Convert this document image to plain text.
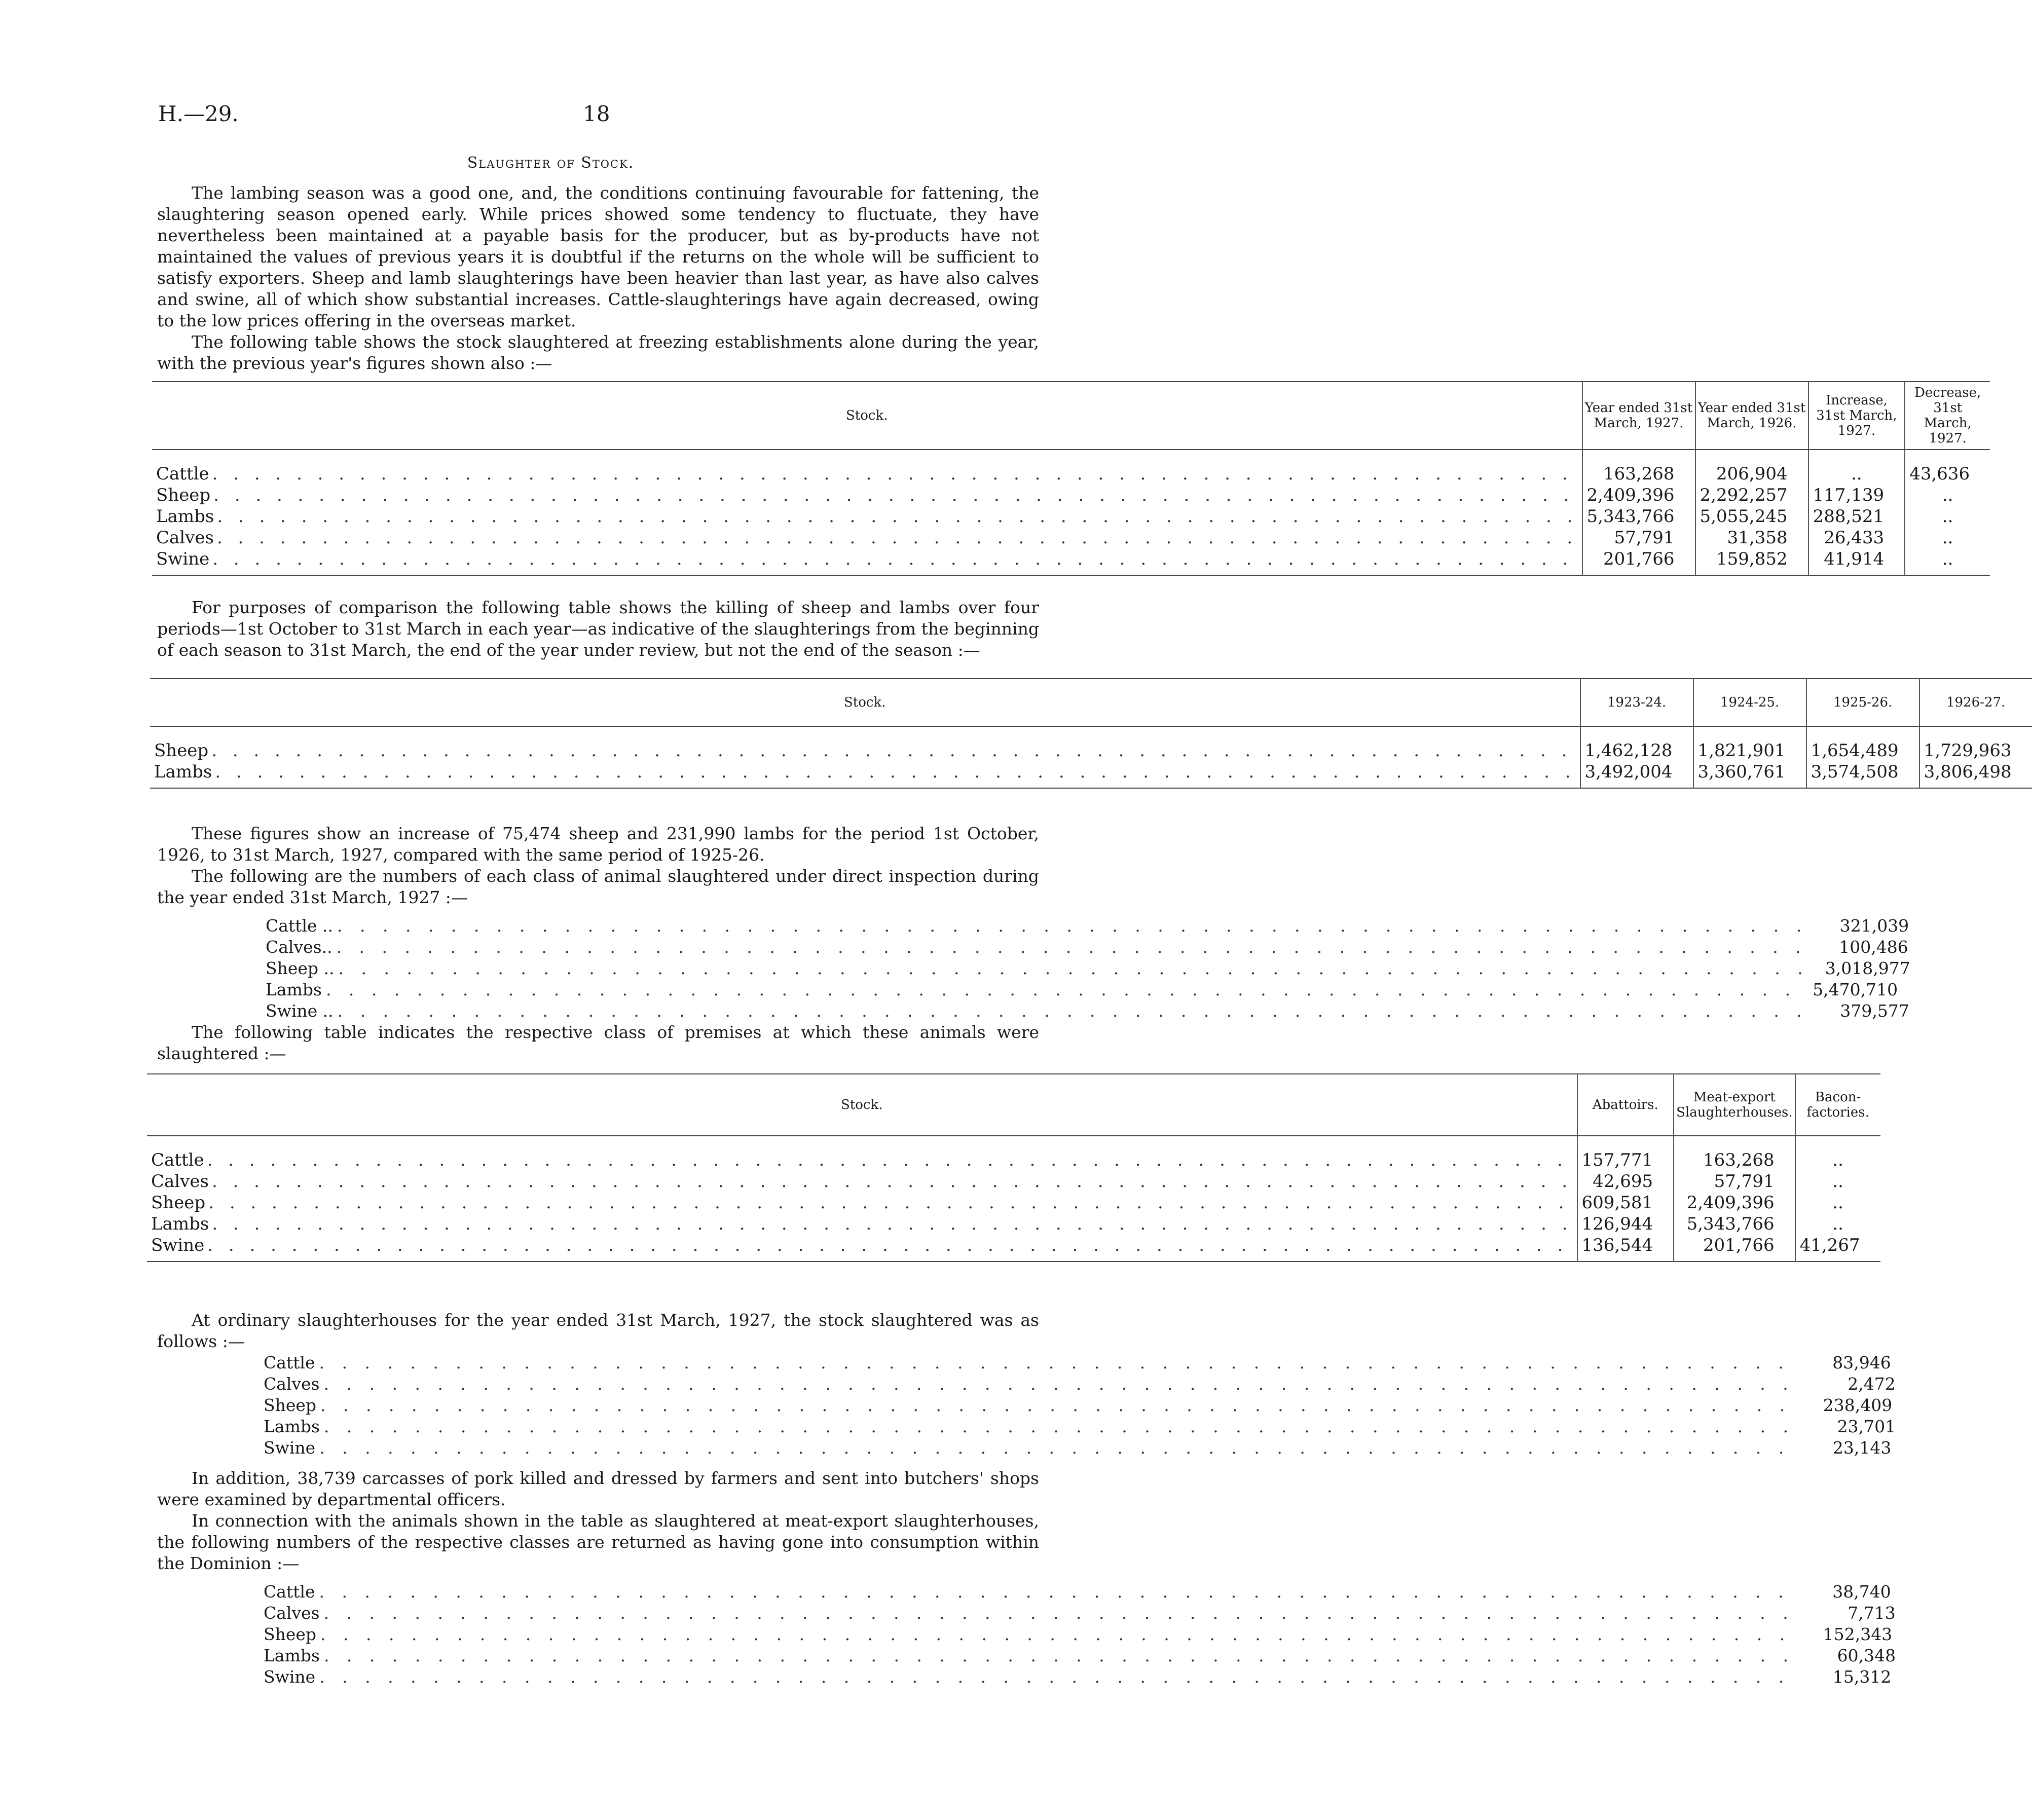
H.—29.	18
Slaughter of Stock.

The lambing season was a good one, and, the conditions continuing favourable for fattening, the slaughtering season opened early. While prices showed some tendency to fluctuate, they have nevertheless been maintained at a payable basis for the producer, but as by-products have not maintained the values of previous years it is doubtful if the returns on the whole will be sufficient to satisfy exporters. Sheep and lamb slaughterings have been heavier than last year, as have also calves and swine, all of which show substantial increases. Cattle-slaughterings have again decreased, owing to the low prices offering in the overseas market.

The following table shows the stock slaughtered at freezing establishments alone during the year, with the previous year's figures shown also :—

Stock.	Year ended 31st March, 1927.	Year ended 31st March, 1926.	Increase, 31st March, 1927.	Decrease, 31st March, 1927.

Cattle . . . . . . . . . . . . . . . . . . . . . . . . . . . . . . . . . . . . . . . . . . . . . . . . . . . . . . . . . . . . . . . . .	163,268	206,904	..	43,636

Sheep . . . . . . . . . . . . . . . . . . . . . . . . . . . . . . . . . . . . . . . . . . . . . . . . . . . . . . . . . . . . . . . . .	2,409,396	2,292,257	117,139	..

Lambs . . . . . . . . . . . . . . . . . . . . . . . . . . . . . . . . . . . . . . . . . . . . . . . . . . . . . . . . . . . . . . . . .	5,343,766	5,055,245	288,521	..

Calves . . . . . . . . . . . . . . . . . . . . . . . . . . . . . . . . . . . . . . . . . . . . . . . . . . . . . . . . . . . . . . . . .	57,791	31,358	26,433	..

Swine . . . . . . . . . . . . . . . . . . . . . . . . . . . . . . . . . . . . . . . . . . . . . . . . . . . . . . . . . . . . . . . . .	201,766	159,852	41,914	..

For purposes of comparison the following table shows the killing of sheep and lambs over four periods—1st October to 31st March in each year—as indicative of the slaughterings from the beginning of each season to 31st March, the end of the year under review, but not the end of the season :—

Stock.	1923-24.	1924-25.	1925-26.	1926-27.

Sheep . . . . . . . . . . . . . . . . . . . . . . . . . . . . . . . . . . . . . . . . . . . . . . . . . . . . . . . . . . . . . . . . .	1,462,128	1,821,901	1,654,489	1,729,963

Lambs . . . . . . . . . . . . . . . . . . . . . . . . . . . . . . . . . . . . . . . . . . . . . . . . . . . . . . . . . . . . . . . . .	3,492,004	3,360,761	3,574,508	3,806,498

These figures show an increase of 75,474 sheep and 231,990 lambs for the period 1st October, 1926, to 31st March, 1927, compared with the same period of 1925-26.

The following are the numbers of each class of animal slaughtered under direct inspection during the year ended 31st March, 1927 :—

Cattle .. . . . . . . . . . . . . . . . . . . . . . . . . . . . . . . . . . . . . . . . . . . . . . . . . . . . . . . . . . . . . . . . . .	321,039
Calves.. . . . . . . . . . . . . . . . . . . . . . . . . . . . . . . . . . . . . . . . . . . . . . . . . . . . . . . . . . . . . . . . . .	100,486
Sheep .. . . . . . . . . . . . . . . . . . . . . . . . . . . . . . . . . . . . . . . . . . . . . . . . . . . . . . . . . . . . . . . . . . 3,018,977
Lambs . . . . . . . . . . . . . . . . . . . . . . . . . . . . . . . . . . . . . . . . . . . . . . . . . . . . . . . . . . . . . . . . . 5,470,710
Swine .. . . . . . . . . . . . . . . . . . . . . . . . . . . . . . . . . . . . . . . . . . . . . . . . . . . . . . . . . . . . . . . . . .	379,577

The following table indicates the respective class of premises at which these animals were slaughtered :—

Stock.	Abattoirs.	Meat-export Slaughterhouses.	Bacon-factories.

Cattle . . . . . . . . . . . . . . . . . . . . . . . . . . . . . . . . . . . . . . . . . . . . . . . . . . . . . . . . . . . . . . . . .	157,771	163,268	..

Calves . . . . . . . . . . . . . . . . . . . . . . . . . . . . . . . . . . . . . . . . . . . . . . . . . . . . . . . . . . . . . . . . .	42,695	57,791	..

Sheep . . . . . . . . . . . . . . . . . . . . . . . . . . . . . . . . . . . . . . . . . . . . . . . . . . . . . . . . . . . . . . . . .	609,581	2,409,396	..

Lambs . . . . . . . . . . . . . . . . . . . . . . . . . . . . . . . . . . . . . . . . . . . . . . . . . . . . . . . . . . . . . . . . .	126,944	5,343,766	..

Swine . . . . . . . . . . . . . . . . . . . . . . . . . . . . . . . . . . . . . . . . . . . . . . . . . . . . . . . . . . . . . . . . .	136,544	201,766	41,267

At ordinary slaughterhouses for the year ended 31st March, 1927, the stock slaughtered was as follows :—

Cattle . . . . . . . . . . . . . . . . . . . . . . . . . . . . . . . . . . . . . . . . . . . . . . . . . . . . . . . . . . . . . . . . .	83,946
Calves . . . . . . . . . . . . . . . . . . . . . . . . . . . . . . . . . . . . . . . . . . . . . . . . . . . . . . . . . . . . . . . . .	2,472
Sheep . . . . . . . . . . . . . . . . . . . . . . . . . . . . . . . . . . . . . . . . . . . . . . . . . . . . . . . . . . . . . . . . .	238,409
Lambs . . . . . . . . . . . . . . . . . . . . . . . . . . . . . . . . . . . . . . . . . . . . . . . . . . . . . . . . . . . . . . . . .	23,701
Swine . . . . . . . . . . . . . . . . . . . . . . . . . . . . . . . . . . . . . . . . . . . . . . . . . . . . . . . . . . . . . . . . .	23,143

In addition, 38,739 carcasses of pork killed and dressed by farmers and sent into butchers' shops were examined by departmental officers.

In connection with the animals shown in the table as slaughtered at meat-export slaughterhouses, the following numbers of the respective classes are returned as having gone into consumption within the Dominion :—

Cattle . . . . . . . . . . . . . . . . . . . . . . . . . . . . . . . . . . . . . . . . . . . . . . . . . . . . . . . . . . . . . . . . .	38,740
Calves . . . . . . . . . . . . . . . . . . . . . . . . . . . . . . . . . . . . . . . . . . . . . . . . . . . . . . . . . . . . . . . . .	7,713
Sheep . . . . . . . . . . . . . . . . . . . . . . . . . . . . . . . . . . . . . . . . . . . . . . . . . . . . . . . . . . . . . . . . .	152,343
Lambs . . . . . . . . . . . . . . . . . . . . . . . . . . . . . . . . . . . . . . . . . . . . . . . . . . . . . . . . . . . . . . . . .	60,348
Swine . . . . . . . . . . . . . . . . . . . . . . . . . . . . . . . . . . . . . . . . . . . . . . . . . . . . . . . . . . . . . . . . .	15,312
